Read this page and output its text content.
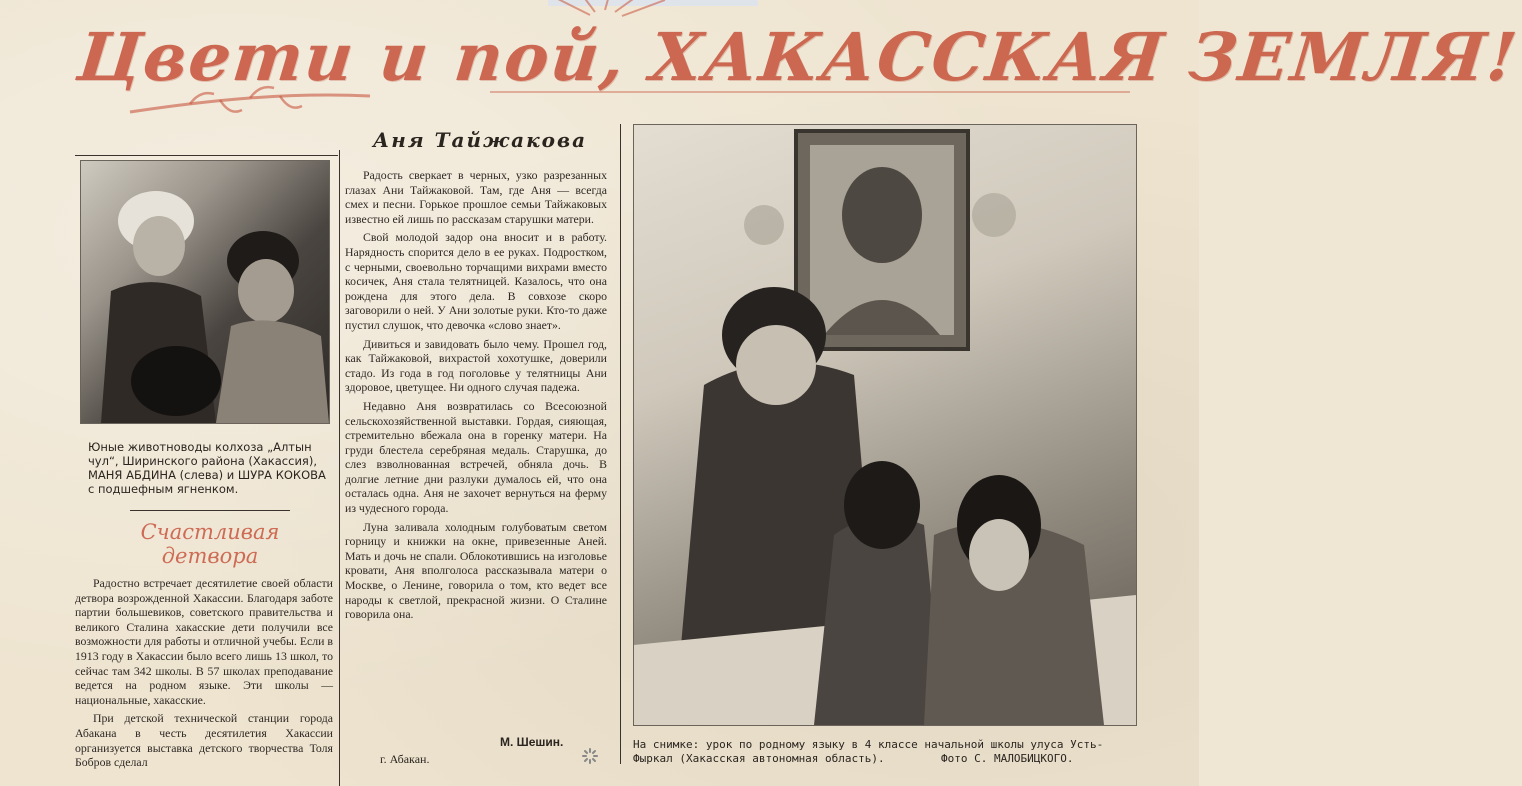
Цвети и пой, ХАКАССКАЯ ЗЕМЛЯ!
Юные животноводы колхоза „Алтын чул“, Ширинского района (Хакассия), МАНЯ АБДИНА (слева) и ШУРА КОКОВА с подшефным ягненком.
Счастливая детвора

Радостно встречает десятилетие своей области детвора возрожденной Хакассии. Благодаря заботе партии большевиков, советского правительства и великого Сталина хакасские дети получили все возможности для работы и отличной учебы. Если в 1913 году в Хакассии было всего лишь 13 школ, то сейчас там 342 школы. В 57 школах преподавание ведется на родном языке. Эти школы — национальные, хакасские.

При детской технической станции города Абакана в честь десятилетия Хакассии организуется выставка детского творчества Толя Бобров сделал

Аня Тайжакова

Радость сверкает в черных, узко разрезанных глазах Ани Тайжаковой. Там, где Аня — всегда смех и песни. Горькое прошлое семьи Тайжаковых известно ей лишь по рассказам старушки матери.

Свой молодой задор она вносит и в работу. Нарядность спорится дело в ее руках. Подростком, с черными, своевольно торчащими вихрами вместо косичек, Аня стала телятницей. Казалось, что она рождена для этого дела. В совхозе скоро заговорили о ней. У Ани золотые руки. Кто-то даже пустил слушок, что девочка «слово знает».

Дивиться и завидовать было чему. Прошел год, как Тайжаковой, вихрастой хохотушке, доверили стадо. Из года в год поголовье у телятницы Ани здоровое, цветущее. Ни одного случая падежа.

Недавно Аня возвратилась со Всесоюзной сельскохозяйственной выставки. Гордая, сияющая, стремительно вбежала она в горенку матери. На груди блестела серебряная медаль. Старушка, до слез взволнованная встречей, обняла дочь. В долгие летние дни разлуки думалось ей, что она осталась одна. Аня не захочет вернуться на ферму из чудесного города.

Луна заливала холодным голубоватым светом горницу и книжки на окне, привезенные Аней. Мать и дочь не спали. Облокотившись на изголовье кровати, Аня вполголоса рассказывала матери о Москве, о Ленине, говорила о том, кто ведет все народы к светлой, прекрасной жизни. О Сталине говорила она.

М. Шешин.
г. Абакан.
На снимке: урок по родному языку в 4 классе начальной школы улуса Усть-Фыркал (Хакасская автономная область).	Фото С. МАЛОБИЦКОГО.
